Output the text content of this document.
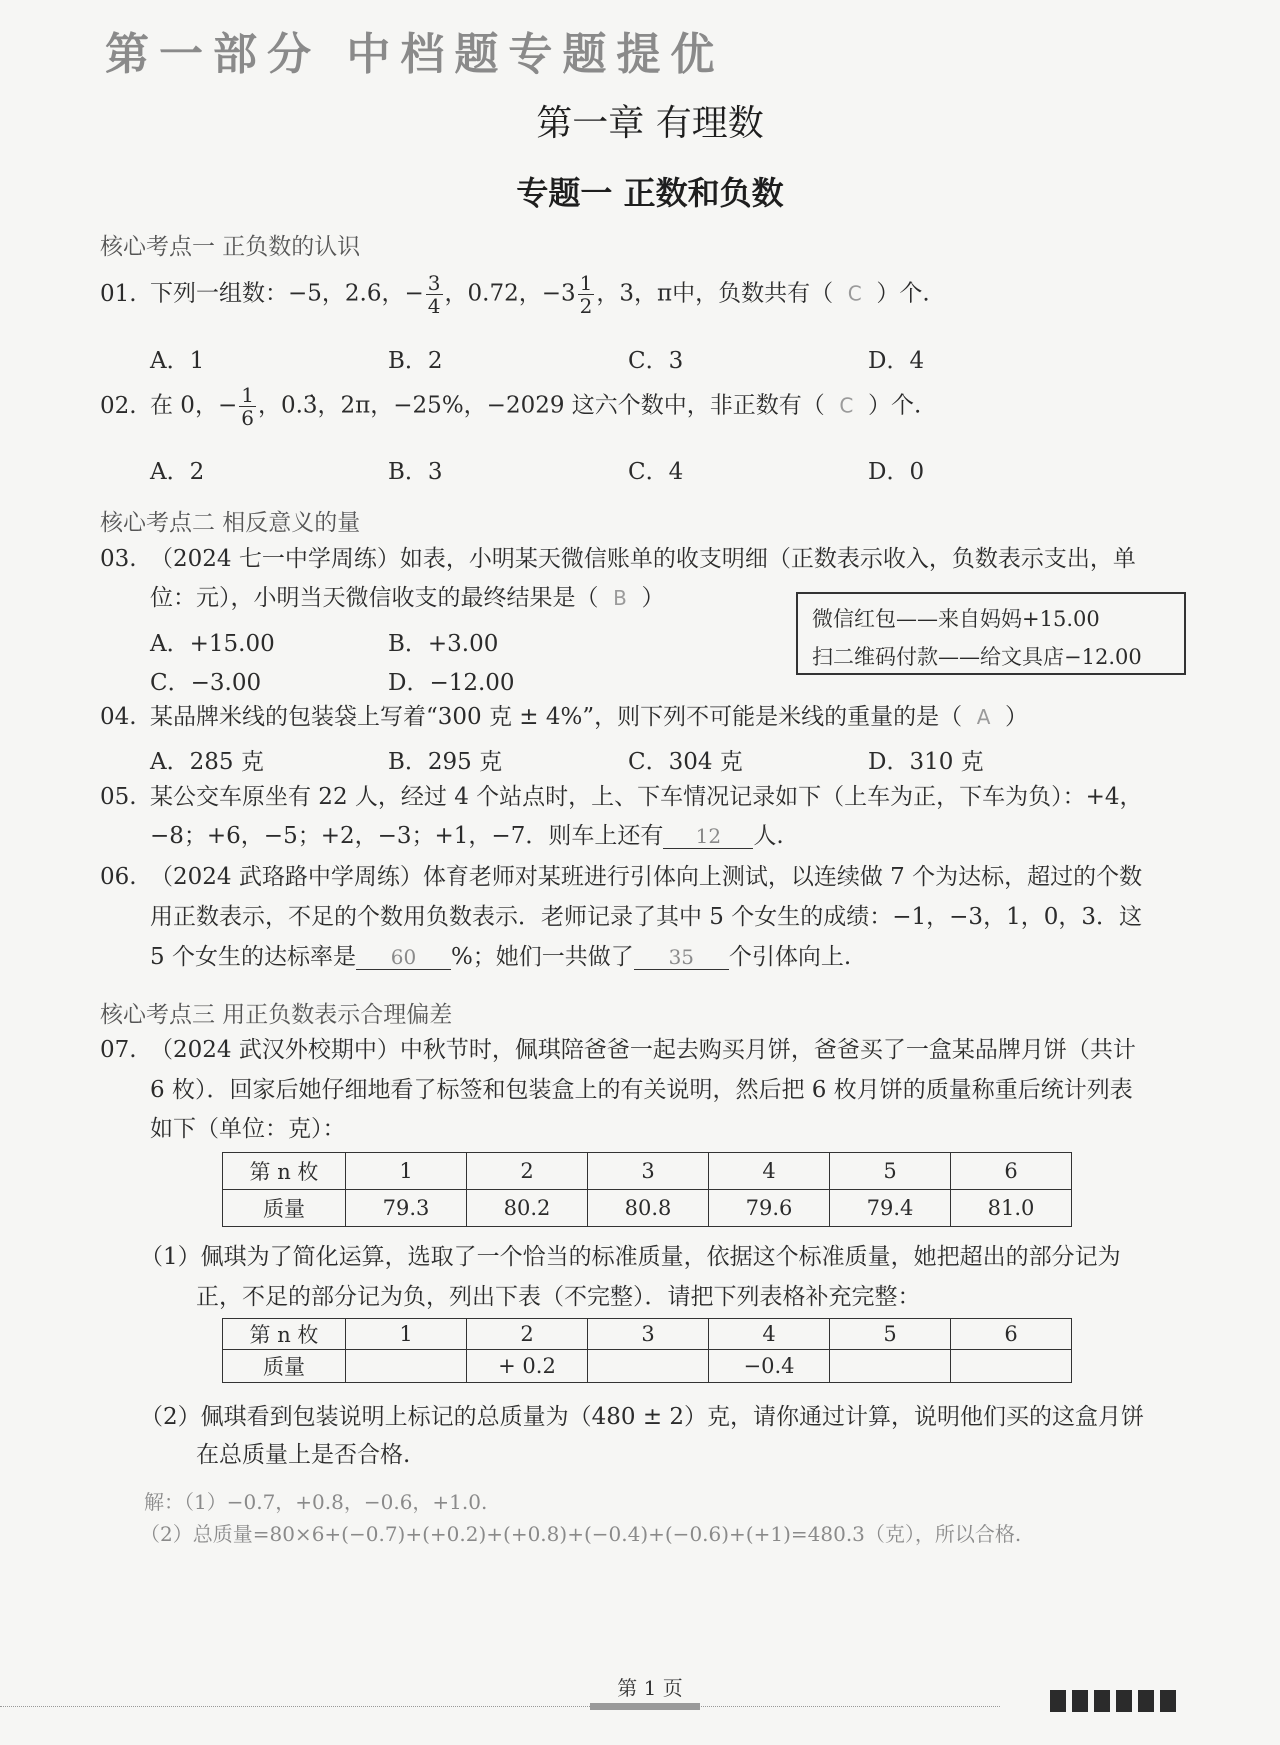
第一部分 中档题专题提优
第一章 有理数
专题一 正数和负数
核心考点一 正负数的认识
01. 下列一组数：−5，2.6，− $\frac{3}{4}$ ，0.72，$-3 \frac{1}{2}$ ，3，π中，负数共有（ C ）个.
A．1	B．2	C．3	D．4
02. 在 0，− $\frac{1}{6}$ ，0.3̇，2π，−25%，−2029 这六个数中，非正数有（ C ）个.
A．2	B．3	C．4	D．0
核心考点二 相反意义的量
03. （2024 七一中学周练）如表，小明某天微信账单的收支明细（正数表示收入，负数表示支出，单
位：元），小明当天微信收支的最终结果是（ B ）
A．+15.00	B．+3.00
C．−3.00	D．−12.00
微信红包——来自妈妈+15.00
扫二维码付款——给文具店−12.00
04. 某品牌米线的包装袋上写着“300 克 ± 4%”，则下列不可能是米线的重量的是（ A ）
A．285 克	B．295 克	C．304 克	D．310 克
05. 某公交车原坐有 22 人，经过 4 个站点时，上、下车情况记录如下（上车为正，下车为负）：+4，
−8；+6，−5；+2，−3；+1，−7．则车上还有 12 人.
06. （2024 武珞路中学周练）体育老师对某班进行引体向上测试，以连续做 7 个为达标，超过的个数
用正数表示，不足的个数用负数表示．老师记录了其中 5 个女生的成绩：−1，−3，1，0，3．这
5 个女生的达标率是 60 %；她们一共做了 35 个引体向上.
核心考点三 用正负数表示合理偏差
07. （2024 武汉外校期中）中秋节时，佩琪陪爸爸一起去购买月饼，爸爸买了一盒某品牌月饼（共计
6 枚）．回家后她仔细地看了标签和包装盒上的有关说明，然后把 6 枚月饼的质量称重后统计列表
如下（单位：克）：
第 n 枚	1	2	3	4	5	6
质量	79.3	80.2	80.8	79.6	79.4	81.0
（1）佩琪为了简化运算，选取了一个恰当的标准质量，依据这个标准质量，她把超出的部分记为
正，不足的部分记为负，列出下表（不完整）．请把下列表格补充完整：
第 n 枚	1	2	3	4	5	6
质量		+ 0.2		−0.4		
（2）佩琪看到包装说明上标记的总质量为（480 ± 2）克，请你通过计算，说明他们买的这盒月饼
在总质量上是否合格.
解：（1）−0.7，+0.8，−0.6，+1.0.
（2）总质量=80×6+(−0.7)+(+0.2)+(+0.8)+(−0.4)+(−0.6)+(+1)=480.3（克），所以合格.
第 1 页
